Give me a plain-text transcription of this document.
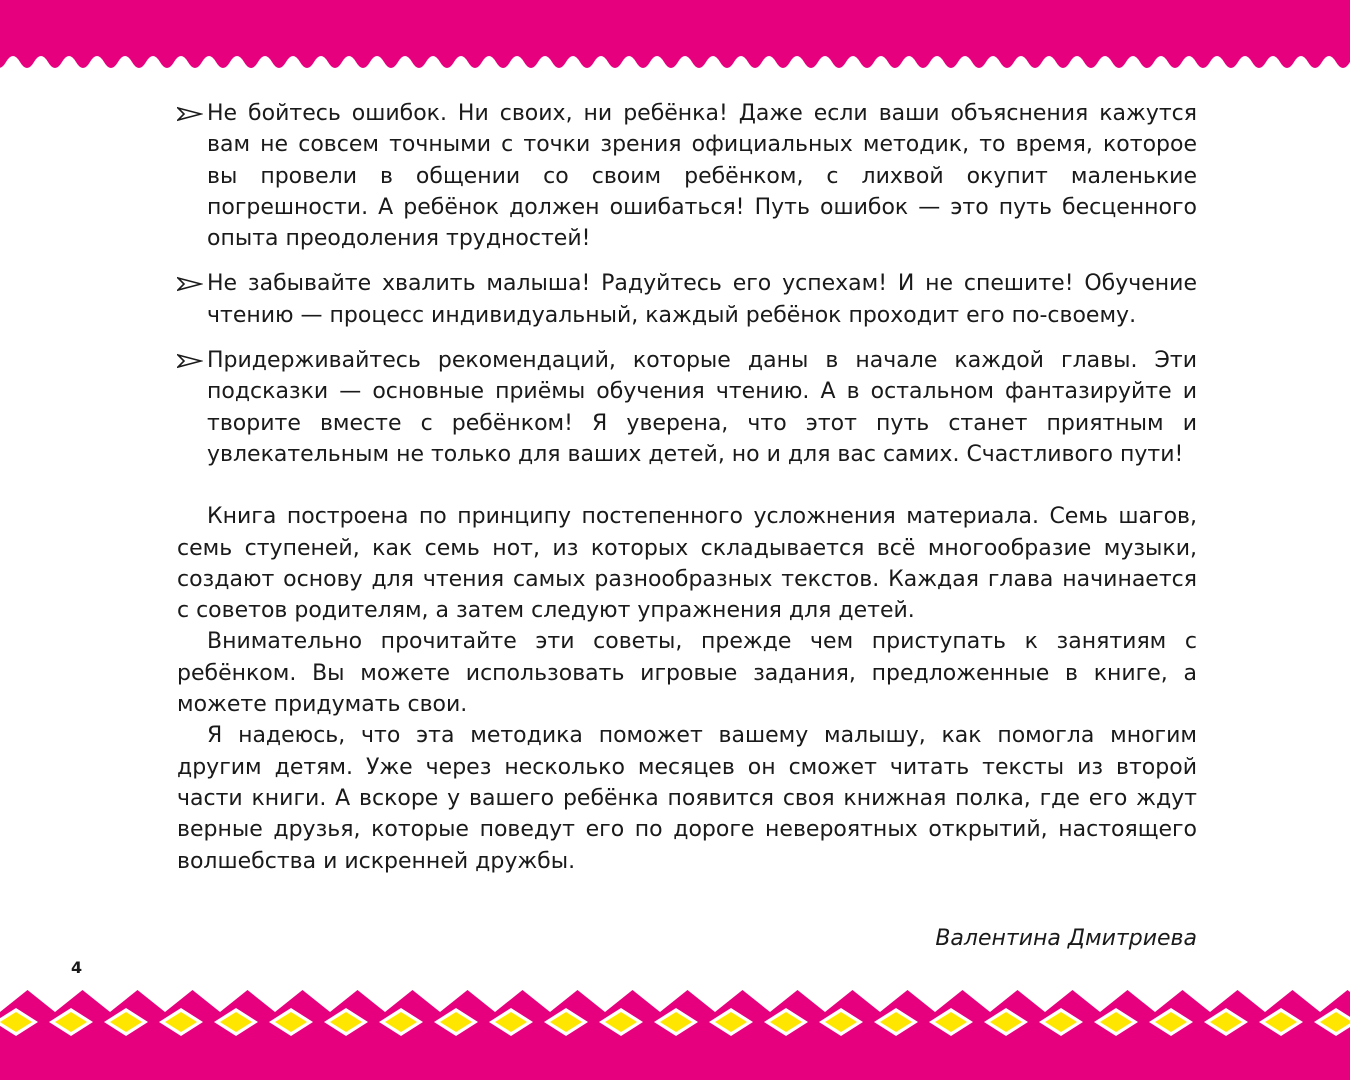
Не бойтесь ошибок. Ни своих, ни ребёнка! Даже если ваши объяснения кажутся вам не совсем точными с точки зрения официальных методик, то время, которое вы провели в общении со своим ребёнком, с лихвой окупит маленькие погрешности. А ребёнок должен ошибаться! Путь ошибок — это путь бесценного опыта преодоления трудностей!
Не забывайте хвалить малыша! Радуйтесь его успехам! И не спешите! Обучение чтению — процесс индивидуальный, каждый ребёнок проходит его по-своему.
Придерживайтесь рекомендаций, которые даны в начале каждой главы. Эти подсказки — основные приёмы обучения чтению. А в остальном фантазируйте и творите вместе с ребёнком! Я уверена, что этот путь станет приятным и увлекательным не только для ваших детей, но и для вас самих. Счастливого пути!

Книга построена по принципу постепенного усложнения материала. Семь шагов, семь ступеней, как семь нот, из которых складывается всё многообразие музыки, создают основу для чтения самых разнообразных текстов. Каждая глава начинается с советов родителям, а затем следуют упражнения для детей.

Внимательно прочитайте эти советы, прежде чем приступать к занятиям с ребёнком. Вы можете использовать игровые задания, предложенные в книге, а можете придумать свои.

Я надеюсь, что эта методика поможет вашему малышу, как помогла многим другим детям. Уже через несколько месяцев он сможет читать тексты из второй части книги. А вскоре у вашего ребёнка появится своя книжная полка, где его ждут верные друзья, которые поведут его по дороге невероятных открытий, настоящего волшебства и искренней дружбы.

Валентина Дмитриева

4
